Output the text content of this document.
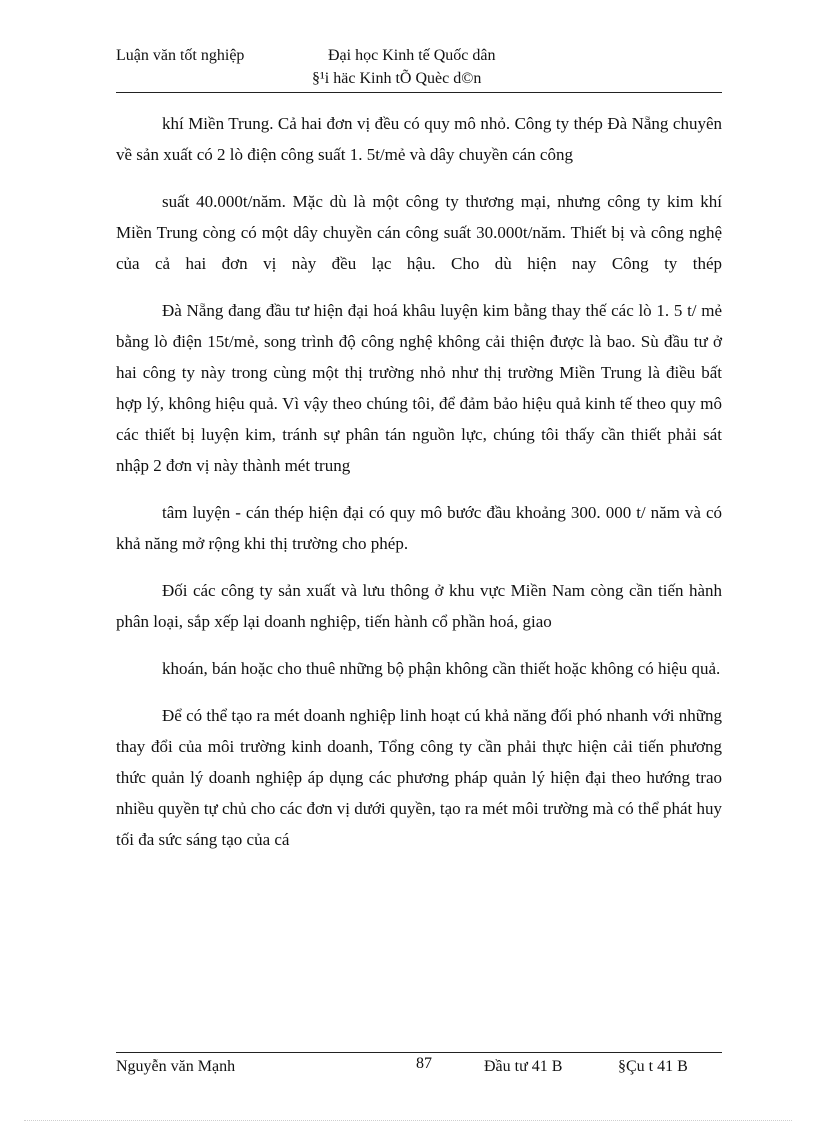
Luận văn tốt nghiệp	Đại học Kinh tế Quốc dân
§¹i häc Kinh tÕ Quèc d©n

khí Miền Trung. Cả hai đơn vị đều có quy mô nhỏ. Công ty thép Đà Nẵng chuyên về sản xuất có 2 lò điện công suất 1. 5t/mẻ và dây chuyền cán công

suất 40.000t/năm. Mặc dù là một công ty thương mại, nhưng công ty kim khí Miền Trung còng có một dây chuyền cán công suất 30.000t/năm. Thiết bị và công nghệ của cả hai đơn vị này đều lạc hậu. Cho dù hiện nay Công ty thép

Đà Nẵng đang đầu tư hiện đại hoá khâu luyện kim bằng thay thế các lò 1. 5 t/ mẻ bằng lò điện 15t/mẻ, song trình độ công nghệ không cải thiện được là bao. Sù đầu tư ở hai công ty này trong cùng một thị trường nhỏ như thị trường Miền Trung là điều bất hợp lý, không hiệu quả. Vì vậy theo chúng tôi, để đảm bảo hiệu quả kinh tế theo quy mô các thiết bị luyện kim, tránh sự phân tán nguồn lực, chúng tôi thấy cần thiết phải sát nhập 2 đơn vị này thành mét trung

tâm luyện - cán thép hiện đại có quy mô bước đầu khoảng 300. 000 t/ năm và có khả năng mở rộng khi thị trường cho phép.

Đối các công ty sản xuất và lưu thông ở khu vực Miền Nam còng cần tiến hành phân loại, sắp xếp lại doanh nghiệp, tiến hành cổ phần hoá, giao

khoán, bán hoặc cho thuê những bộ phận không cần thiết hoặc không có hiệu quả.

Để có thể tạo ra mét doanh nghiệp linh hoạt cú khả năng đối phó nhanh với những thay đổi của môi trường kinh doanh, Tổng công ty cần phải thực hiện cải tiến phương thức quản lý doanh nghiệp áp dụng các phương pháp quản lý hiện đại theo hướng trao nhiều quyền tự chủ cho các đơn vị dưới quyền, tạo ra mét môi trường mà có thể phát huy tối đa sức sáng tạo của cá

Nguyễn văn Mạnh	87	Đầu tư 41 B	§Çu t 41 B
